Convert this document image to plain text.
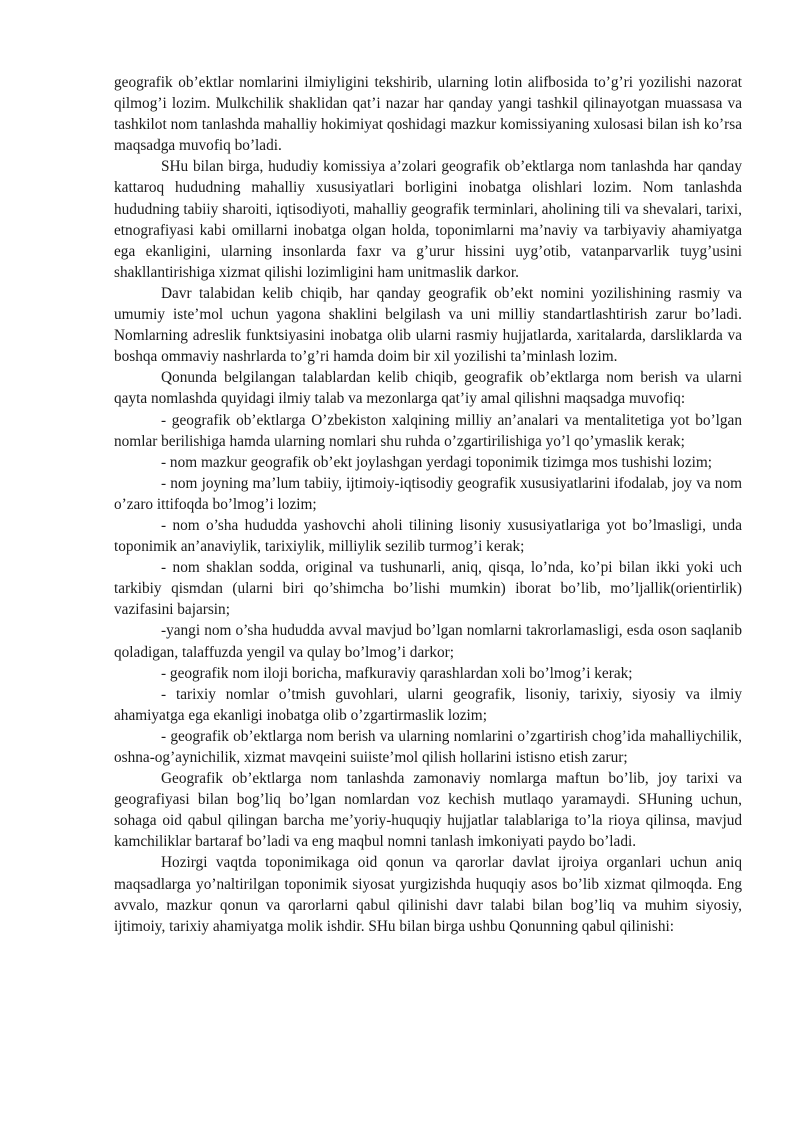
geografik ob’ektlar nomlarini ilmiyligini tekshirib, ularning lotin alifbosida to’g’ri yozilishi nazorat qilmog’i lozim. Mulkchilik shaklidan qat’i nazar har qanday yangi tashkil qilinayotgan muassasa va tashkilot nom tanlashda mahalliy hokimiyat qoshidagi mazkur komissiyaning xulosasi bilan ish ko’rsa maqsadga muvofiq bo’ladi.

SHu bilan birga, hududiy komissiya a’zolari geografik ob’ektlarga nom tanlashda har qanday kattaroq hududning mahalliy xususiyatlari borligini inobatga olishlari lozim. Nom tanlashda hududning tabiiy sharoiti, iqtisodiyoti, mahalliy geografik terminlari, aholining tili va shevalari, tarixi, etnografiyasi kabi omillarni inobatga olgan holda, toponimlarni ma’naviy va tarbiyaviy ahamiyatga ega ekanligini, ularning insonlarda faxr va g’urur hissini uyg’otib, vatanparvarlik tuyg’usini shakllantirishiga xizmat qilishi lozimligini ham unitmaslik darkor.

Davr talabidan kelib chiqib, har qanday geografik ob’ekt nomini yozilishining rasmiy va umumiy iste’mol uchun yagona shaklini belgilash va uni milliy standartlashtirish zarur bo’ladi. Nomlarning adreslik funktsiyasini inobatga olib ularni rasmiy hujjatlarda, xaritalarda, darsliklarda va boshqa ommaviy nashrlarda to’g’ri hamda doim bir xil yozilishi ta’minlash lozim.

Qonunda belgilangan talablardan kelib chiqib, geografik ob’ektlarga nom berish va ularni qayta nomlashda quyidagi ilmiy talab va mezonlarga qat’iy amal qilishni maqsadga muvofiq:

- geografik ob’ektlarga O’zbekiston xalqining milliy an’analari va mentalitetiga yot bo’lgan nomlar berilishiga hamda ularning nomlari shu ruhda o’zgartirilishiga yo’l qo’ymaslik kerak;

- nom mazkur geografik ob’ekt joylashgan yerdagi toponimik tizimga mos tushishi lozim;

- nom joyning ma’lum tabiiy, ijtimoiy-iqtisodiy geografik xususiyatlarini ifodalab, joy va nom o’zaro ittifoqda bo’lmog’i lozim;

- nom o’sha hududda yashovchi aholi tilining lisoniy xususiyatlariga yot bo’lmasligi, unda toponimik an’anaviylik, tarixiylik, milliylik sezilib turmog’i kerak;

- nom shaklan sodda, original va tushunarli, aniq, qisqa, lo’nda, ko’pi bilan ikki yoki uch tarkibiy qismdan (ularni biri qo’shimcha bo’lishi mumkin) iborat bo’lib, mo’ljallik(orientirlik) vazifasini bajarsin;

-yangi nom o’sha hududda avval mavjud bo’lgan nomlarni takrorlamasligi, esda oson saqlanib qoladigan, talaffuzda yengil va qulay bo’lmog’i darkor;

- geografik nom iloji boricha, mafkuraviy qarashlardan xoli bo’lmog’i kerak;

- tarixiy nomlar o’tmish guvohlari, ularni geografik, lisoniy, tarixiy, siyosiy va ilmiy ahamiyatga ega ekanligi inobatga olib o’zgartirmaslik lozim;

- geografik ob’ektlarga nom berish va ularning nomlarini o’zgartirish chog’ida mahalliychilik, oshna-og’aynichilik, xizmat mavqeini suiiste’mol qilish hollarini istisno etish zarur;

Geografik ob’ektlarga nom tanlashda zamonaviy nomlarga maftun bo’lib, joy tarixi va geografiyasi bilan bog’liq bo’lgan nomlardan voz kechish mutlaqo yaramaydi. SHuning uchun, sohaga oid qabul qilingan barcha me’yoriy-huquqiy hujjatlar talablariga to’la rioya qilinsa, mavjud kamchiliklar bartaraf bo’ladi va eng maqbul nomni tanlash imkoniyati paydo bo’ladi.

Hozirgi vaqtda toponimikaga oid qonun va qarorlar davlat ijroiya organlari uchun aniq maqsadlarga yo’naltirilgan toponimik siyosat yurgizishda huquqiy asos bo’lib xizmat qilmoqda. Eng avvalo, mazkur qonun va qarorlarni qabul qilinishi davr talabi bilan bog’liq va muhim siyosiy, ijtimoiy, tarixiy ahamiyatga molik ishdir. SHu bilan birga ushbu Qonunning qabul qilinishi:
